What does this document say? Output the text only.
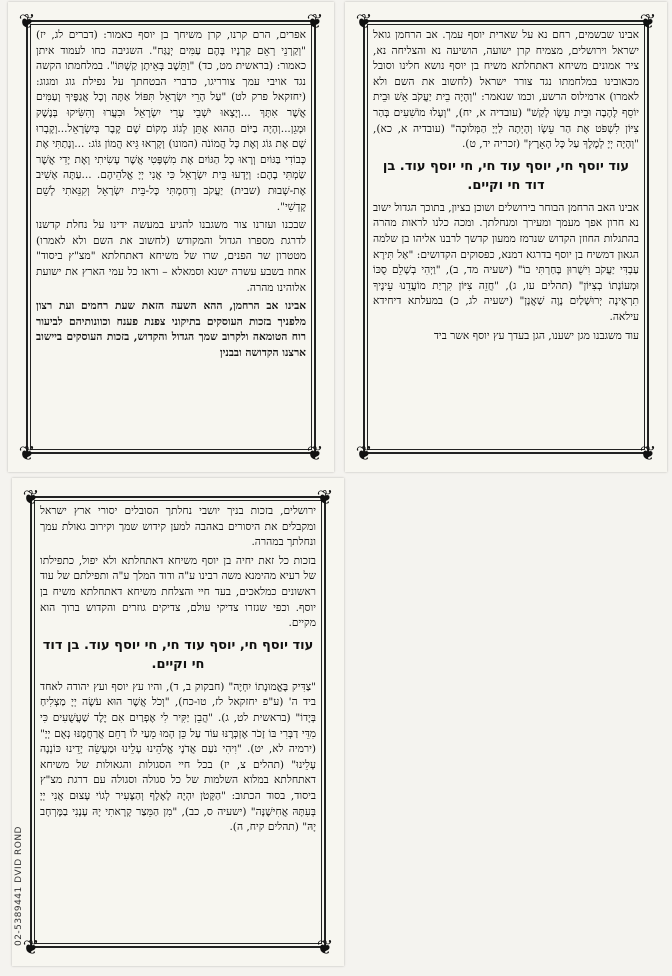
❦	❦
❦	❦

אפרים, הרם קרנו, קרן משיחך בן יוסף כאמור: (דברים לג, יז) "וְקַרְנֵי רְאֵם קַרְנָיו בָּהֶם עַמִּים יְנַגַּח". השגיבה כחו לעמוד איתן כאמור: (בראשית מט, כד) "וַתֵּשֶׁב בְּאֵיתָן קַשְׁתּוֹ". במלחמתו הקשה נגד אויבי עמך צורריגו, כדברי הבטחתך על נפילת גוג ומגוג: (יחזקאל פרק לט) "עַל הָרֵי יִשְׂרָאֵל תִּפּוֹל אַתָּה וְכָל אֲגַפֶּיךָ וְעַמִּים אֲשֶׁר אִתָּךְ ...וְיָצְאוּ יֹשְׁבֵי עָרֵי יִשְׂרָאֵל וּבִעֲרוּ וְהִשִּׂיקוּ בְּנֶשֶׁק וּמָגֵן...וְהָיָה בַיּוֹם הַהוּא אֶתֵּן לְגוֹג מְקוֹם שָׁם קֶבֶר בְּיִשְׂרָאֵל...וְקָבְרוּ שָׁם אֶת גּוֹג וְאֶת כָּל הֲמוֹנֹה (המונו) וְקָרְאוּ גֵּיא הֲמוֹן גּוֹג: ...וְנָתַתִּי אֶת כְּבוֹדִי בַּגּוֹיִם וְרָאוּ כָל הַגּוֹיִם אֶת מִשְׁפָּטִי אֲשֶׁר עָשִׂיתִי וְאֶת יָדִי אֲשֶׁר שַׂמְתִּי בָהֶם: וְיָדְעוּ בֵּית יִשְׂרָאֵל כִּי אֲנִי יְיָ אֱלֹהֵיהֶם. ...עַתָּה אָשִׁיב אֶת-שְׁבוּת (שבית) יַעֲקֹב וְרִחַמְתִּי כָּל-בֵּית יִשְׂרָאֵל וְקִנֵּאתִי לְשֵׁם קָדְשִׁי".

שבכנו ועזרנו צור משגבנו להגיע במעשה ידינו על נחלת קדשנו לדרגת מספרו הגדול והמקודש (לחשוב את השם ולא לאמרו) מטטרון שר הפנים, שרו של משיחא דאתחלתא "מצ"ץ ביסוד" אחוז בשבע עשרה ישנא וסמאלא – וראו כל עמי הארץ את ישועת אלוהינו מהרה.

אבינו אב הרחמן, ההא השעה הזאת שעת רחמים ועת רצון מלפניך בזכות העוסקים בתיקוני צפנת פענח וכוונותיהם לביעור רוח הטומאה ולקרוב שמך הגדול והקדוש, בזכות העוסקים ביישוב ארצנו הקדושה ובבנין

❦	❦
❦	❦

אבינו שבשמים, רחם נא על שארית יוסף עמך. אב הרחמן גואל ישראל וירושלים, מצמיח קרן ישועה, הושיעה נא והצליחה נא, ציר אמונים משיחא דאתחלתא משיח בן יוסף נושא חלינו וסובל מכאובינו במלחמתו נגד צורר ישראל (לחשוב את השם ולא לאמרו) ארמילוס הרשע, וכמו שנאמר: "וְהָיָה בֵית יַעֲקֹב אֵשׁ וּבֵית יוֹסֵף לֶהָבָה וּבֵית עֵשָׂו לְקַשׁ" (עובדיה א, יח), "וְעָלוּ מוֹשִׁעִים בְּהַר צִיּוֹן לִשְׁפֹּט אֶת הַר עֵשָׂו וְהָיְתָה לַיְיָ הַמְּלוּכָה" (עובדיה א, כא), "וְהָיָה יְיָ לְמֶלֶךְ עַל כָּל הָאָרֶץ" (זכריה יד, ט).

עוד יוסף חי, יוסף עוד חי, חי יוסף עוד. בן דוד חי וקיים.

אבינו האב הרחמן הבוחר בירושלים ושוכן בציון, בתוכך הגדול ישוב נא חרון אפך מעמך ומעירך ומנחלתך. ומכה כלנו לראות מהרה בהתגלות החוזן הקדוש שנרמז ממעון קדשך לרבנו אליהו בן שלמה הגאון דמשיח בן יוסף בדרגא דמנא, כפסוקים הקדושים: "אַל תִּירָא עַבְדִּי יַעֲקֹב וִישֻׁרוּן בָּחַרְתִּי בוֹ" (ישעיה מד, ב), "וַיְהִי בְשָׁלֵם סֻכּוֹ וּמְעוֹנָתוֹ בְצִיּוֹן" (תהלים עו, ג), "חֲזֵה צִיּוֹן קִרְיַת מוֹעֲדֵנוּ עֵינֶיךָ תִרְאֶינָה יְרוּשָׁלַיִם נָוֶה שַׁאֲנָן" (ישעיה לג, כ) במעלתא דיחידא עילאה.

עוד משגבנו מגן ישענו, הגן בעדך עץ יוסף אשר ביד

❦	❦
❦	❦

ירושלים, בזכות בניך יושבי נחלתך הסובלים יסורי ארץ ישראל ומקבלים את היסורים באהבה למען קידוש שמך וקירוב גאולת עמך ונחלתך במהרה.

בזכות כל זאת יחיה בן יוסף משיחא דאתחלתא ולא יפול, כתפילתו של רעיא מהימנא משה רבינו ע"ה ודוד המלך ע"ה ותפילתם של עוד ראשונים כמלאכים, בעד חיי והצלחת משיחא דאתחלתא משיח בן יוסף. וכפי שגזרו צדיקי עולם, צדיקים גוזרים והקדוש ברוך הוא מקיים.

עוד יוסף חי, יוסף עוד חי, חי יוסף עוד. בן דוד חי וקיים.

"צַדִּיק בֶּאֱמוּנָתוֹ יִחְיֶה" (חבקוק ב, ד), והיו עץ יוסף ועץ יהודה לאחד ביד ה' (ע"פ יחזקאל לז, טו-כח), "וְכֹל אֲשֶׁר הוּא עֹשֶׂה יְיָ מַצְלִיחַ בְּיָדוֹ" (בראשית לט, ג). "הֲבֵן יַקִּיר לִי אֶפְרַיִם אִם יֶלֶד שַׁעֲשֻׁעִים כִּי מִדֵּי דַבְּרִי בּוֹ זָכֹר אֶזְכְּרֶנּוּ עוֹד עַל כֵּן הָמוּ מֵעַי לוֹ רַחֵם אֲרַחֲמֶנּוּ נְאֻם יְיָ" (ירמיה לא, יט). "וִיהִי נֹעַם אֲדֹנָי אֱלֹהֵינוּ עָלֵינוּ וּמַעֲשֵׂה יָדֵינוּ כּוֹנְנָה עָלֵינוּ" (תהלים צ, יז) בכל חיי הסגולות והגאולות של משיחא דאתחלתא במלוא השלמות של כל סגולה וסגולה עם דרגת מצ"ץ ביסוד, בסוד הכתוב: "הַקָּטֹן יִהְיֶה לָאֶלֶף וְהַצָּעִיר לְגוֹי עָצוּם אֲנִי יְיָ בְּעִתָּהּ אֲחִישֶׁנָּה" (ישעיה ס, כב), "מִן הַמֵּצַר קָרָאתִי יָהּ עָנָנִי בַמֶּרְחָב יָהּ" (תהלים קיח, ה).

02-5389441 DVID ROND
